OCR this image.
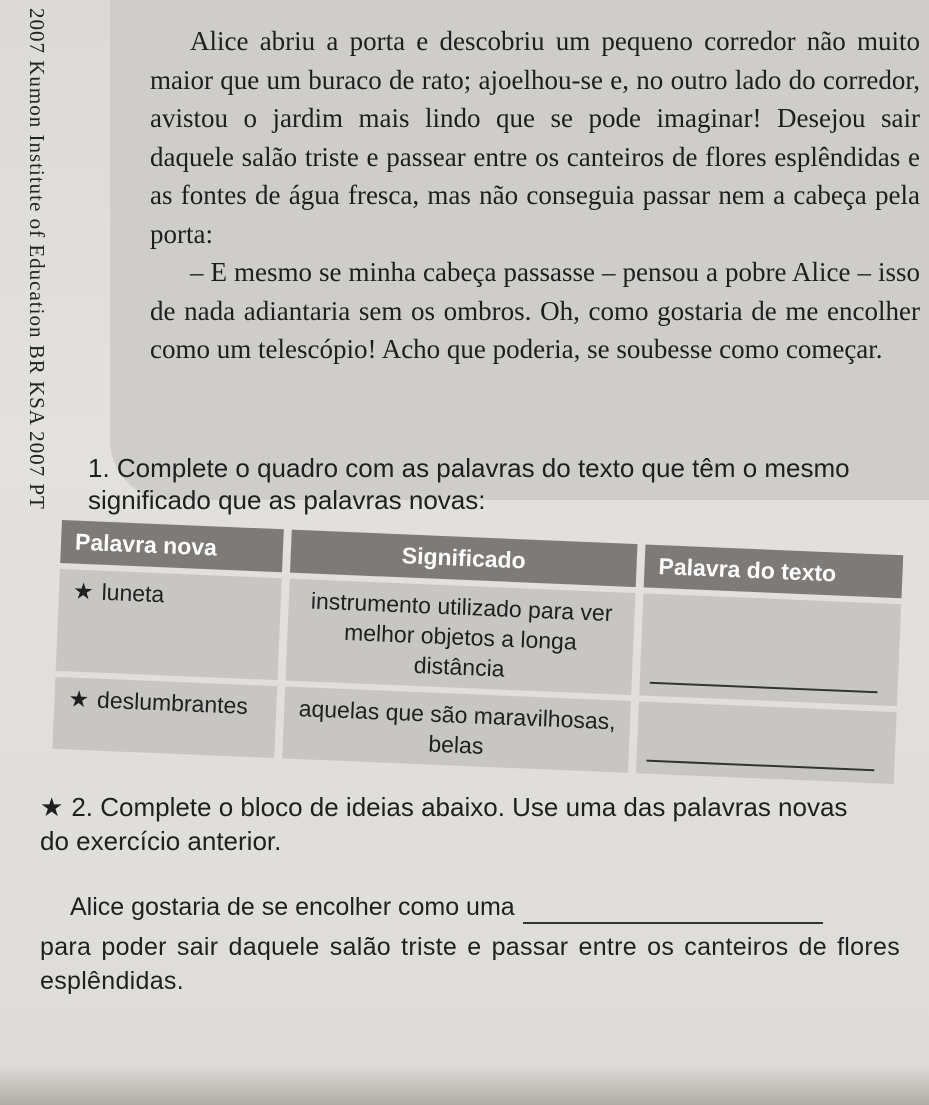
2007 Kumon Institute of Education BR KSA 2007 PT	Alice abriu a porta e descobriu um pequeno corredor não muito maior que um buraco de rato; ajoelhou-se e, no outro lado do corredor, avistou o jardim mais lindo que se pode imaginar! Desejou sair daquele salão triste e passear entre os canteiros de flores esplêndidas e as fontes de água fresca, mas não conseguia passar nem a cabeça pela porta:

– E mesmo se minha cabeça passasse – pensou a pobre Alice – isso de nada adiantaria sem os ombros. Oh, como gostaria de me encolher como um telescópio! Acho que poderia, se soubesse como começar.

1. Complete o quadro com as palavras do texto que têm o mesmo significado que as palavras novas:
Palavra nova	Significado	Palavra do texto
★ luneta	instrumento utilizado para ver melhor objetos a longa distância
★ deslumbrantes	aquelas que são maravilhosas, belas
★ 2. Complete o bloco de ideias abaixo. Use uma das palavras novas do exercício anterior.

Alice gostaria de se encolher como uma

para poder sair daquele salão triste e passar entre os canteiros de flores esplêndidas.
